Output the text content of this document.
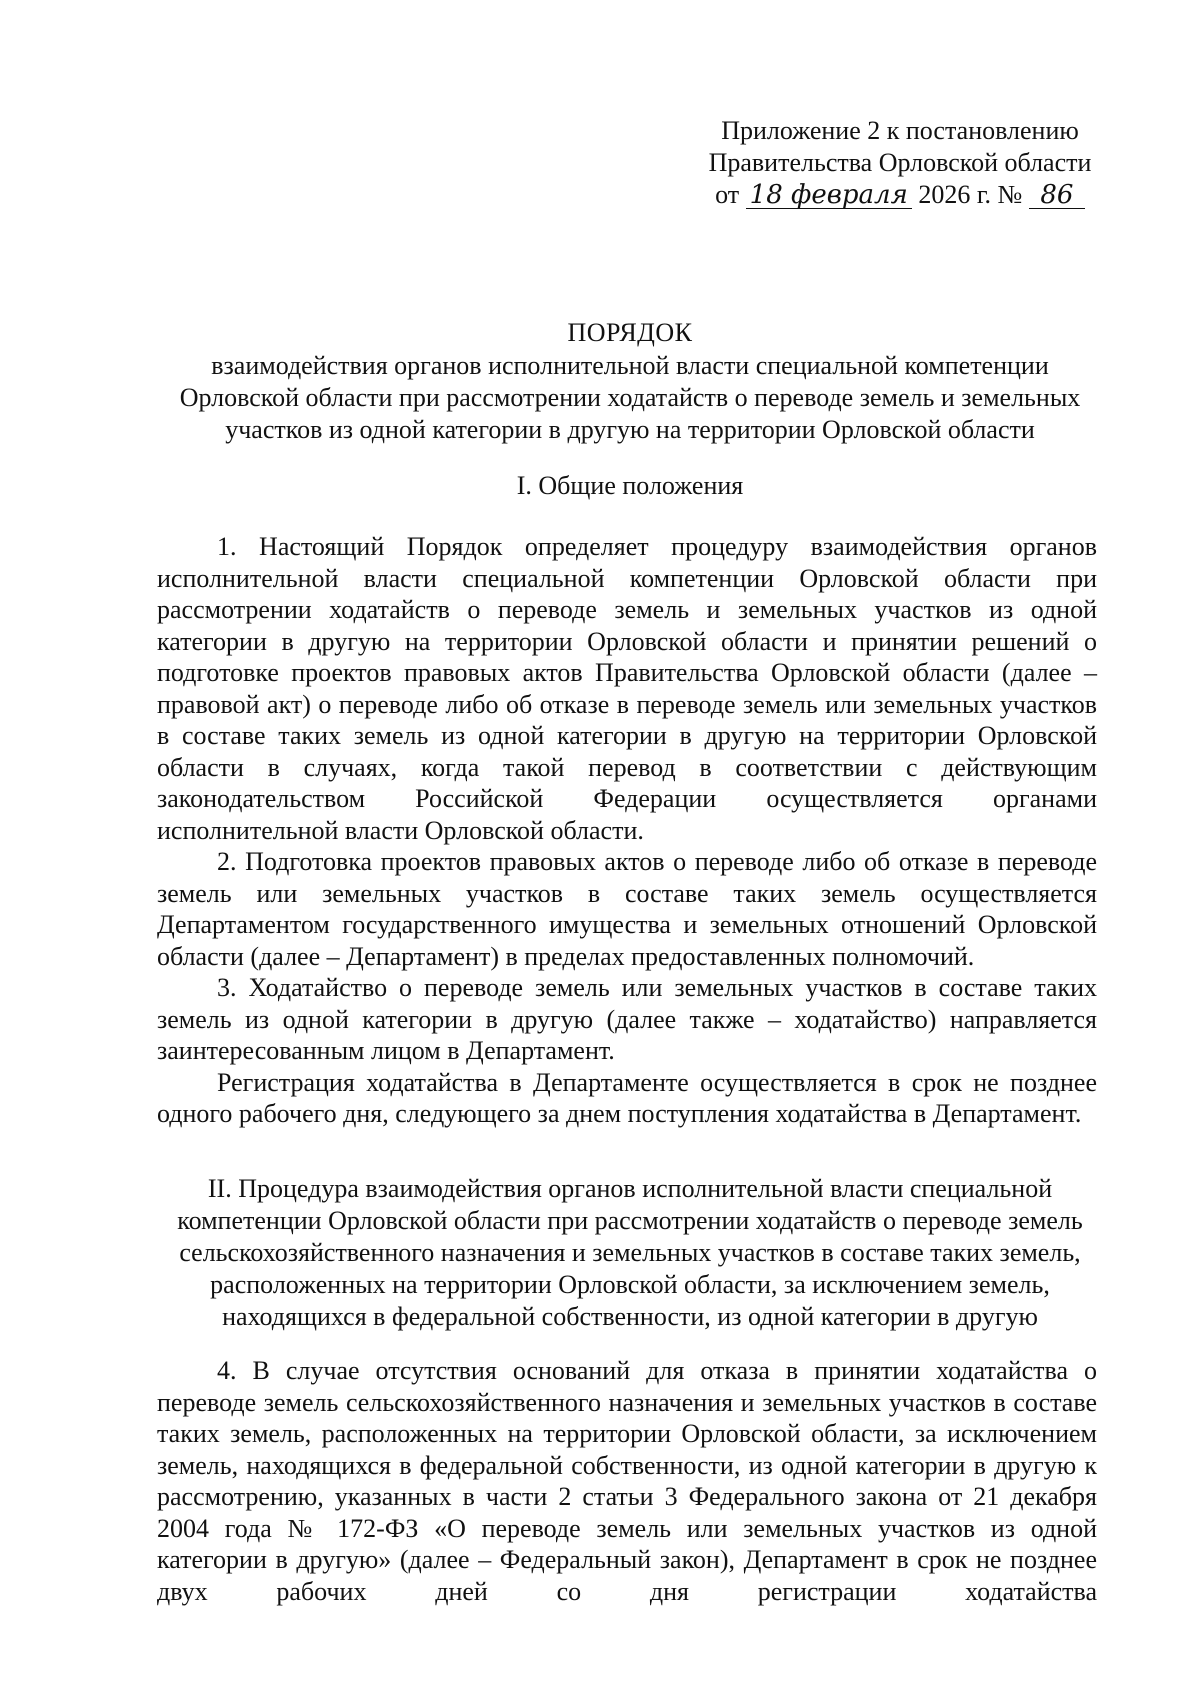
Приложение 2 к постановлению
Правительства Орловской области
от 18 февраля 2026 г. № 86
ПОРЯДОК
взаимодействия органов исполнительной власти специальной компетенции
Орловской области при рассмотрении ходатайств о переводе земель и земельных
участков из одной категории в другую на территории Орловской области
I. Общие положения

1. Настоящий Порядок определяет процедуру взаимодействия органов исполнительной власти специальной компетенции Орловской области при рассмотрении ходатайств о переводе земель и земельных участков из одной категории в другую на территории Орловской области и принятии решений о подготовке проектов правовых актов Правительства Орловской области (далее – правовой акт) о переводе либо об отказе в переводе земель или земельных участков в составе таких земель из одной категории в другую на территории Орловской области в случаях, когда такой перевод в соответствии с действующим законодательством Российской Федерации осуществляется органами исполнительной власти Орловской области.

2. Подготовка проектов правовых актов о переводе либо об отказе в переводе земель или земельных участков в составе таких земель осуществляется Департаментом государственного имущества и земельных отношений Орловской области (далее – Департамент) в пределах предоставленных полномочий.

3. Ходатайство о переводе земель или земельных участков в составе таких земель из одной категории в другую (далее также – ходатайство) направляется заинтересованным лицом в Департамент.

Регистрация ходатайства в Департаменте осуществляется в срок не позднее одного рабочего дня, следующего за днем поступления ходатайства в Департамент.

II. Процедура взаимодействия органов исполнительной власти специальной
компетенции Орловской области при рассмотрении ходатайств о переводе земель
сельскохозяйственного назначения и земельных участков в составе таких земель,
расположенных на территории Орловской области, за исключением земель,
находящихся в федеральной собственности, из одной категории в другую

4. В случае отсутствия оснований для отказа в принятии ходатайства о переводе земель сельскохозяйственного назначения и земельных участков в составе таких земель, расположенных на территории Орловской области, за исключением земель, находящихся в федеральной собственности, из одной категории в другую к рассмотрению, указанных в части 2 статьи 3 Федерального закона от 21 декабря 2004 года № 172-ФЗ «О переводе земель или земельных участков из одной категории в другую» (далее – Федеральный закон), Департамент в срок не позднее двух рабочих дней со дня регистрации ходатайства
